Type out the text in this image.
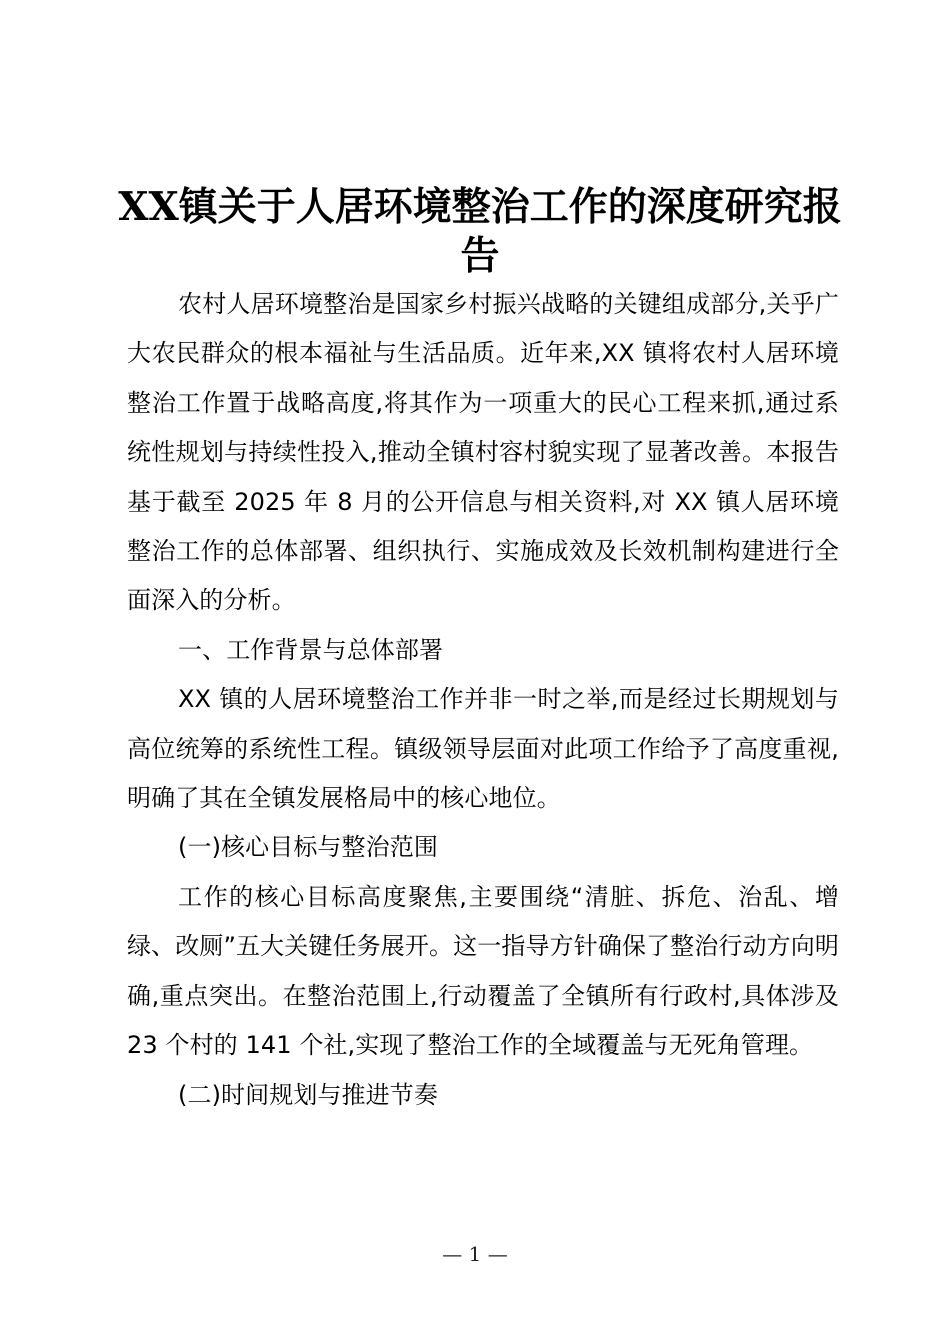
XX镇关于人居环境整治工作的深度研究报告

农村人居环境整治是国家乡村振兴战略的关键组成部分,关乎广大农民群众的根本福祉与生活品质。近年来,XX 镇将农村人居环境整治工作置于战略高度,将其作为一项重大的民心工程来抓,通过系统性规划与持续性投入,推动全镇村容村貌实现了显著改善。本报告基于截至 2025 年 8 月的公开信息与相关资料,对 XX 镇人居环境整治工作的总体部署、组织执行、实施成效及长效机制构建进行全面深入的分析。

一、工作背景与总体部署

XX 镇的人居环境整治工作并非一时之举,而是经过长期规划与高位统筹的系统性工程。镇级领导层面对此项工作给予了高度重视,明确了其在全镇发展格局中的核心地位。

(一)核心目标与整治范围

工作的核心目标高度聚焦,主要围绕“清脏、拆危、治乱、增绿、改厕”五大关键任务展开。这一指导方针确保了整治行动方向明确,重点突出。在整治范围上,行动覆盖了全镇所有行政村,具体涉及 23 个村的 141 个社,实现了整治工作的全域覆盖与无死角管理。

(二)时间规划与推进节奏

— 1 —
